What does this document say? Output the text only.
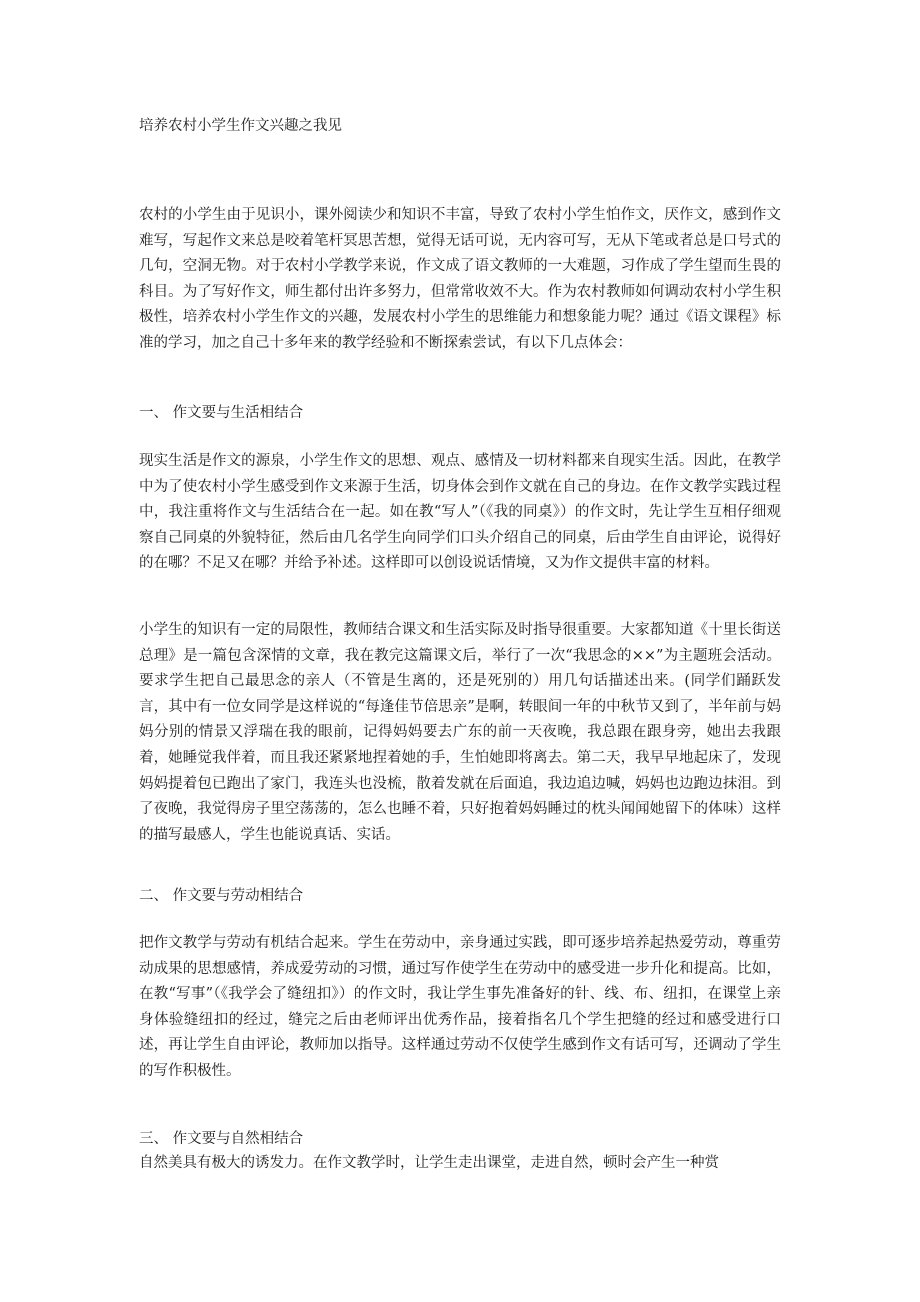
培养农村小学生作文兴趣之我见

农村的小学生由于见识小，课外阅读少和知识不丰富，导致了农村小学生怕作文，厌作文，感到作文难写，写起作文来总是咬着笔杆冥思苦想，觉得无话可说，无内容可写，无从下笔或者总是口号式的几句，空洞无物。对于农村小学教学来说，作文成了语文教师的一大难题，习作成了学生望而生畏的科目。为了写好作文，师生都付出许多努力，但常常收效不大。作为农村教师如何调动农村小学生积极性，培养农村小学生作文的兴趣，发展农村小学生的思维能力和想象能力呢？通过《语文课程》标准的学习，加之自己十多年来的教学经验和不断探索尝试，有以下几点体会：

一、 作文要与生活相结合

现实生活是作文的源泉，小学生作文的思想、观点、感情及一切材料都来自现实生活。因此，在教学中为了使农村小学生感受到作文来源于生活，切身体会到作文就在自己的身边。在作文教学实践过程中，我注重将作文与生活结合在一起。如在教“写人”（《我的同桌》）的作文时，先让学生互相仔细观察自己同桌的外貌特征，然后由几名学生向同学们口头介绍自己的同桌，后由学生自由评论，说得好的在哪？不足又在哪？并给予补述。这样即可以创设说话情境，又为作文提供丰富的材料。

小学生的知识有一定的局限性，教师结合课文和生活实际及时指导很重要。大家都知道《十里长街送总理》是一篇包含深情的文章，我在教完这篇课文后，举行了一次“我思念的××”为主题班会活动。要求学生把自己最思念的亲人（不管是生离的，还是死别的）用几句话描述出来。(同学们踊跃发言，其中有一位女同学是这样说的“每逢佳节倍思亲”是啊，转眼间一年的中秋节又到了，半年前与妈妈分别的情景又浮瑞在我的眼前，记得妈妈要去广东的前一天夜晚，我总跟在跟身旁，她出去我跟着，她睡觉我伴着，而且我还紧紧地捏着她的手，生怕她即将离去。第二天，我早早地起床了，发现妈妈提着包已跑出了家门，我连头也没梳，散着发就在后面追，我边追边喊，妈妈也边跑边抹泪。到了夜晚，我觉得房子里空荡荡的，怎么也睡不着，只好抱着妈妈睡过的枕头闻闻她留下的体味）这样的描写最感人，学生也能说真话、实话。

二、 作文要与劳动相结合

把作文教学与劳动有机结合起来。学生在劳动中，亲身通过实践，即可逐步培养起热爱劳动，尊重劳动成果的思想感情，养成爱劳动的习惯，通过写作使学生在劳动中的感受进一步升化和提高。比如，在教“写事”（《我学会了缝纽扣》）的作文时，我让学生事先准备好的针、线、布、纽扣，在课堂上亲身体验缝纽扣的经过，缝完之后由老师评出优秀作品，接着指名几个学生把缝的经过和感受进行口述，再让学生自由评论，教师加以指导。这样通过劳动不仅使学生感到作文有话可写，还调动了学生的写作积极性。

三、 作文要与自然相结合

自然美具有极大的诱发力。在作文教学时，让学生走出课堂，走进自然，顿时会产生一种赏
